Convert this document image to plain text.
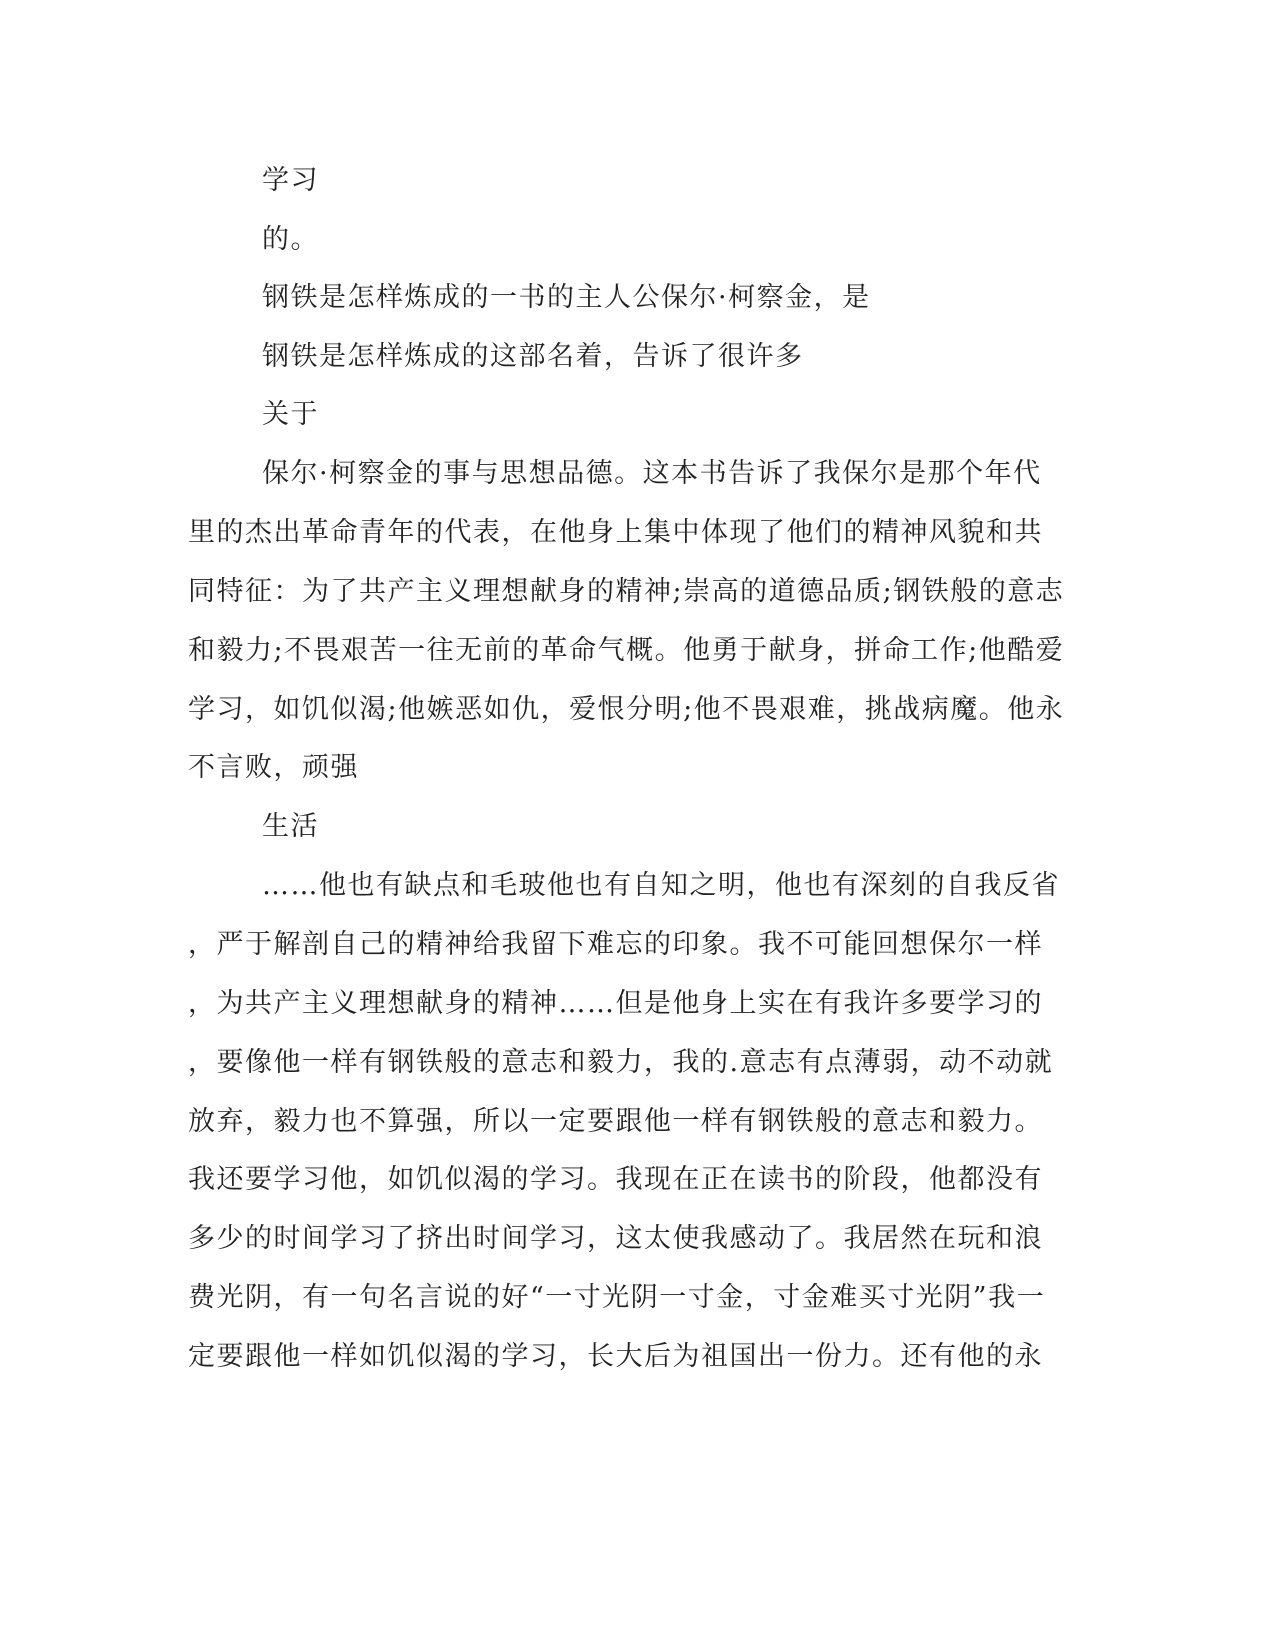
学习
的。
钢铁是怎样炼成的一书的主人公保尔·柯察金，是
钢铁是怎样炼成的这部名着，告诉了很许多
关于
保尔·柯察金的事与思想品德。这本书告诉了我保尔是那个年代
里的杰出革命青年的代表，在他身上集中体现了他们的精神风貌和共
同特征：为了共产主义理想献身的精神;崇高的道德品质;钢铁般的意志
和毅力;不畏艰苦一往无前的革命气概。他勇于献身，拼命工作;他酷爱
学习，如饥似渴;他嫉恶如仇，爱恨分明;他不畏艰难，挑战病魔。他永
不言败，顽强
生活
……他也有缺点和毛玻他也有自知之明，他也有深刻的自我反省
，严于解剖自己的精神给我留下难忘的印象。我不可能回想保尔一样
，为共产主义理想献身的精神……但是他身上实在有我许多要学习的
，要像他一样有钢铁般的意志和毅力，我的.意志有点薄弱，动不动就
放弃，毅力也不算强，所以一定要跟他一样有钢铁般的意志和毅力。
我还要学习他，如饥似渴的学习。我现在正在读书的阶段，他都没有
多少的时间学习了挤出时间学习，这太使我感动了。我居然在玩和浪
费光阴，有一句名言说的好“一寸光阴一寸金，寸金难买寸光阴”我一
定要跟他一样如饥似渴的学习，长大后为祖国出一份力。还有他的永
